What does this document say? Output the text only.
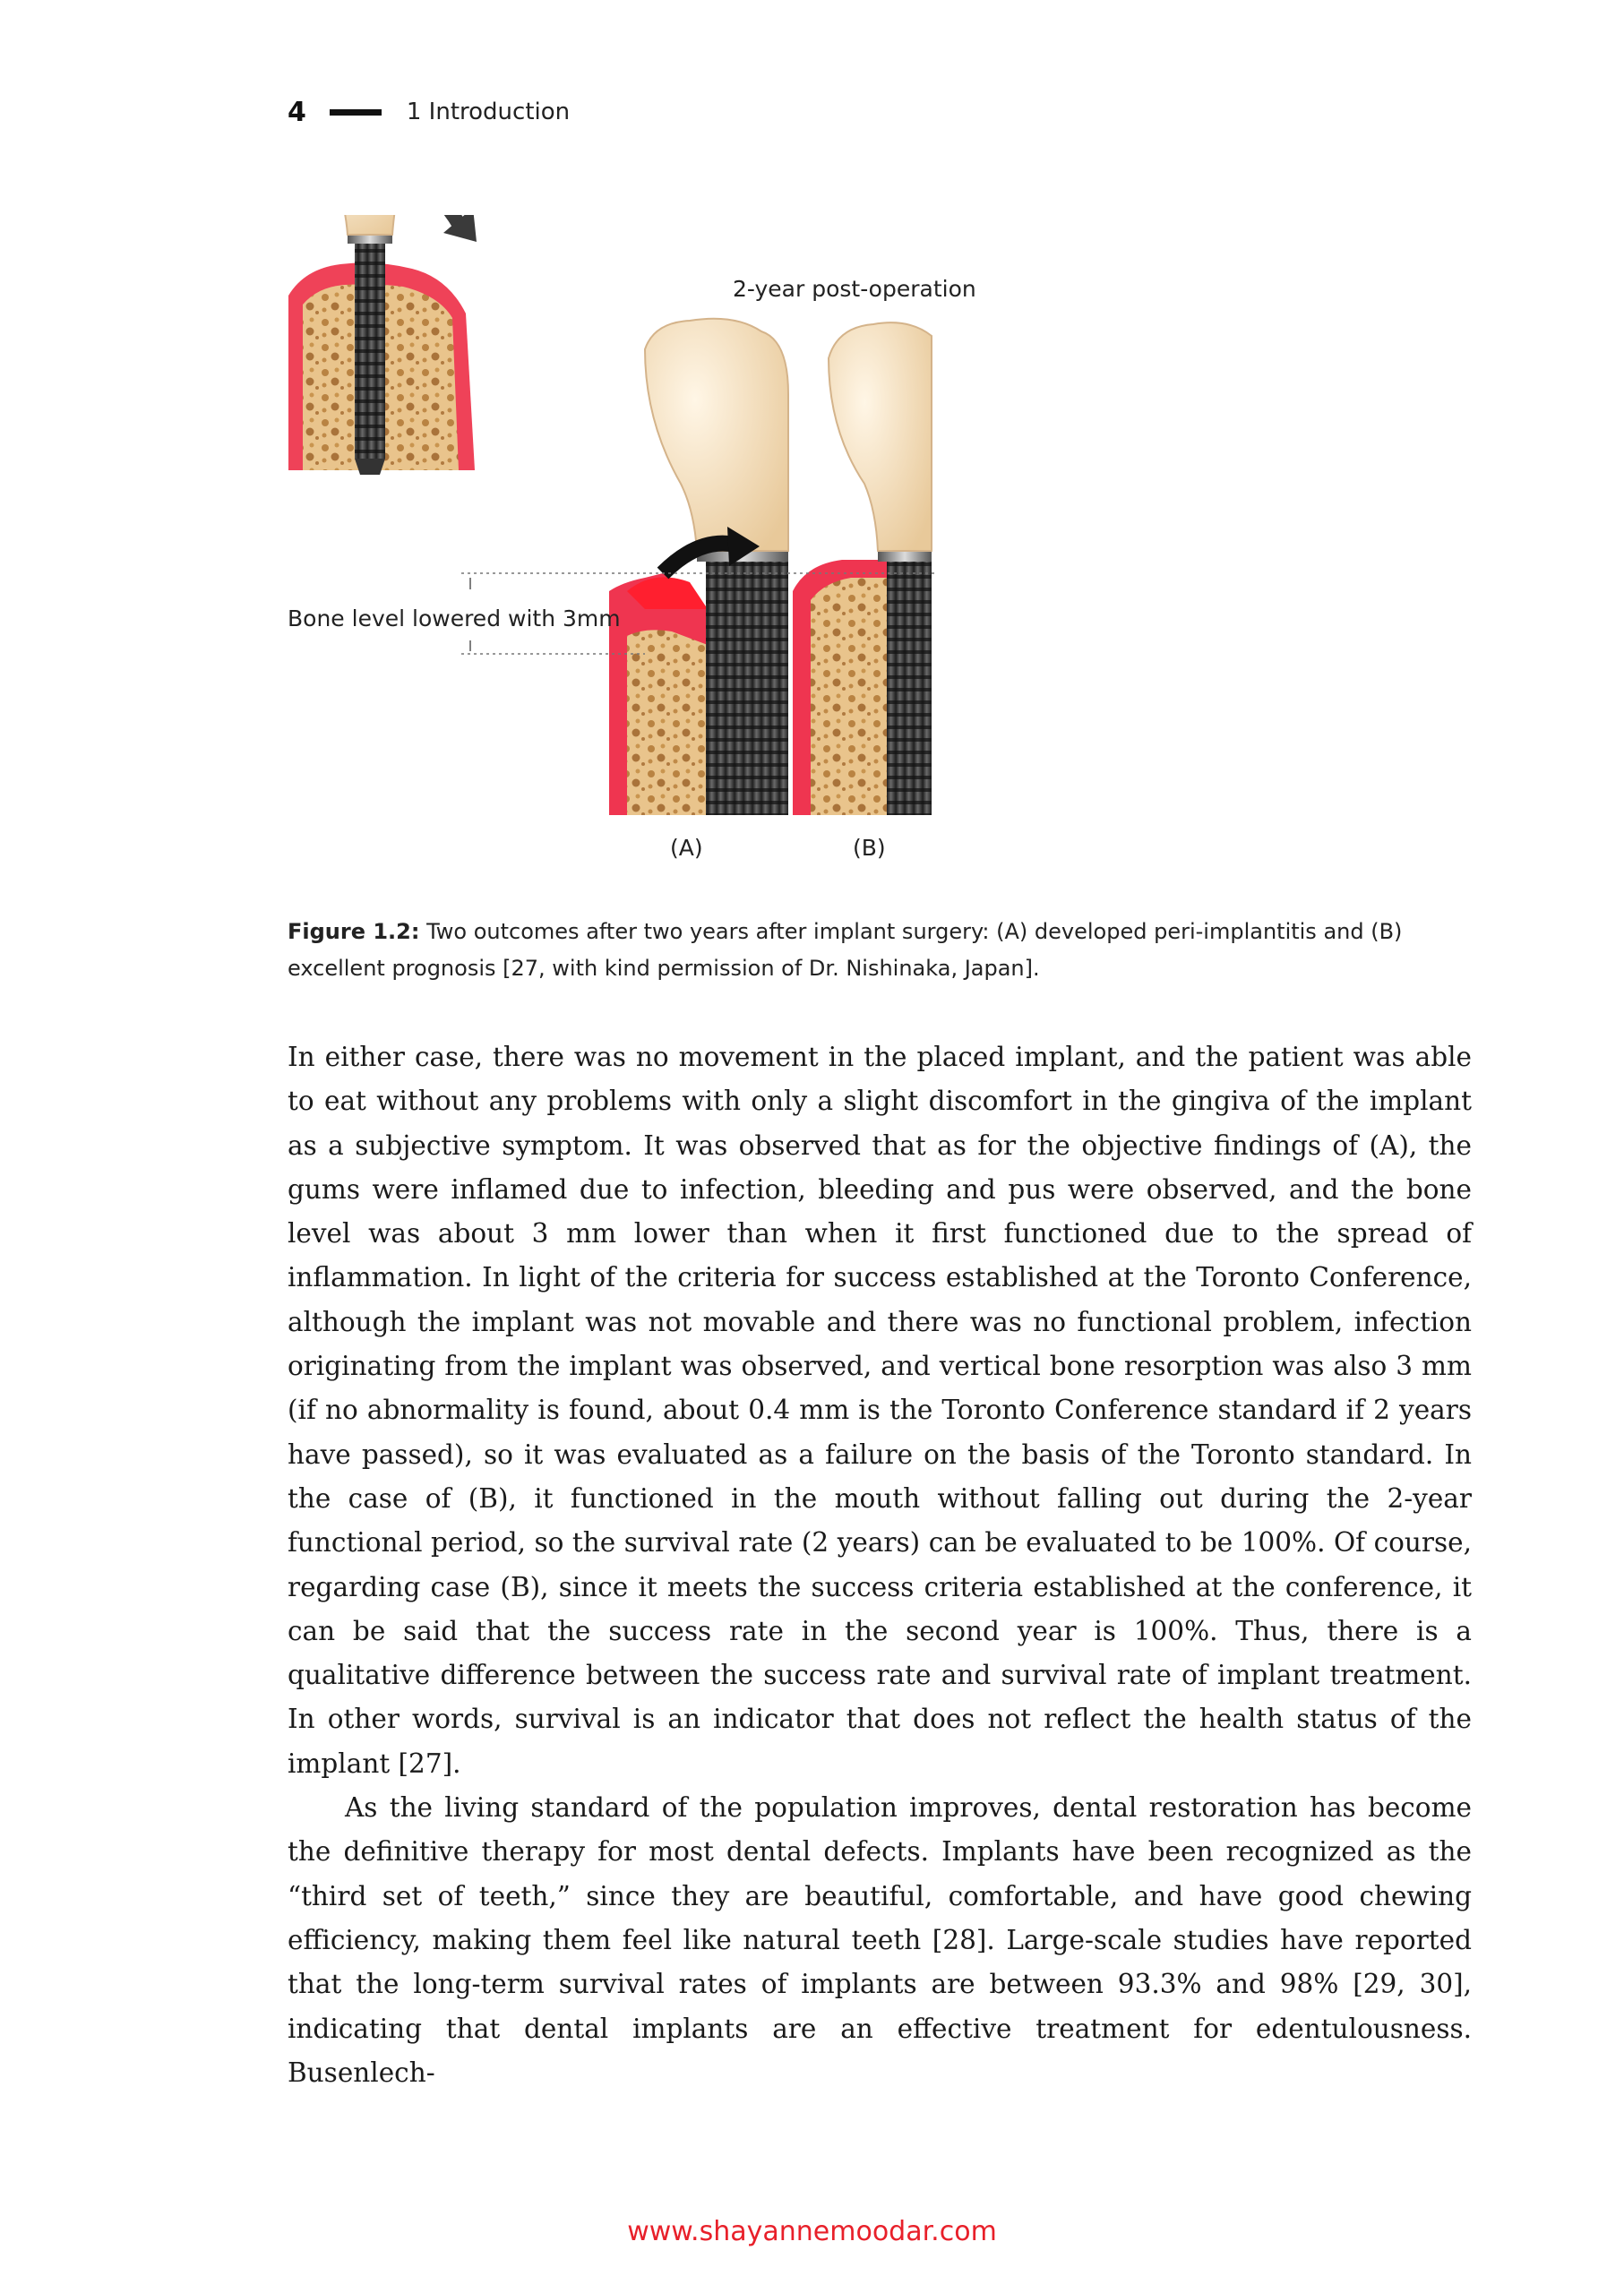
4	1 Introduction
2-year post-operation
Bone level lowered with 3mm
(A)	(B)
Figure 1.2: Two outcomes after two years after implant surgery: (A) developed peri-implantitis and (B) excellent prognosis [27, with kind permission of Dr. Nishinaka, Japan].

In either case, there was no movement in the placed implant, and the patient was able to eat without any problems with only a slight discomfort in the gingiva of the implant as a subjective symptom. It was observed that as for the objective findings of (A), the gums were inflamed due to infection, bleeding and pus were observed, and the bone level was about 3 mm lower than when it first functioned due to the spread of inflammation. In light of the criteria for success established at the Toronto Conference, although the implant was not movable and there was no functional problem, infection originating from the implant was observed, and vertical bone resorption was also 3 mm (if no abnormality is found, about 0.4 mm is the Toronto Conference standard if 2 years have passed), so it was evaluated as a failure on the basis of the Toronto standard. In the case of (B), it functioned in the mouth without falling out during the 2-year functional period, so the survival rate (2 years) can be evaluated to be 100%. Of course, regarding case (B), since it meets the success criteria established at the conference, it can be said that the success rate in the second year is 100%. Thus, there is a qualitative difference between the success rate and survival rate of implant treatment. In other words, survival is an indicator that does not reflect the health status of the implant [27].

As the living standard of the population improves, dental restoration has become the definitive therapy for most dental defects. Implants have been recognized as the “third set of teeth,” since they are beautiful, comfortable, and have good chewing efficiency, making them feel like natural teeth [28]. Large-scale studies have reported that the long-term survival rates of implants are between 93.3% and 98% [29, 30], indicating that dental implants are an effective treatment for edentulousness. Busenlech-

www.shayannemoodar.com
